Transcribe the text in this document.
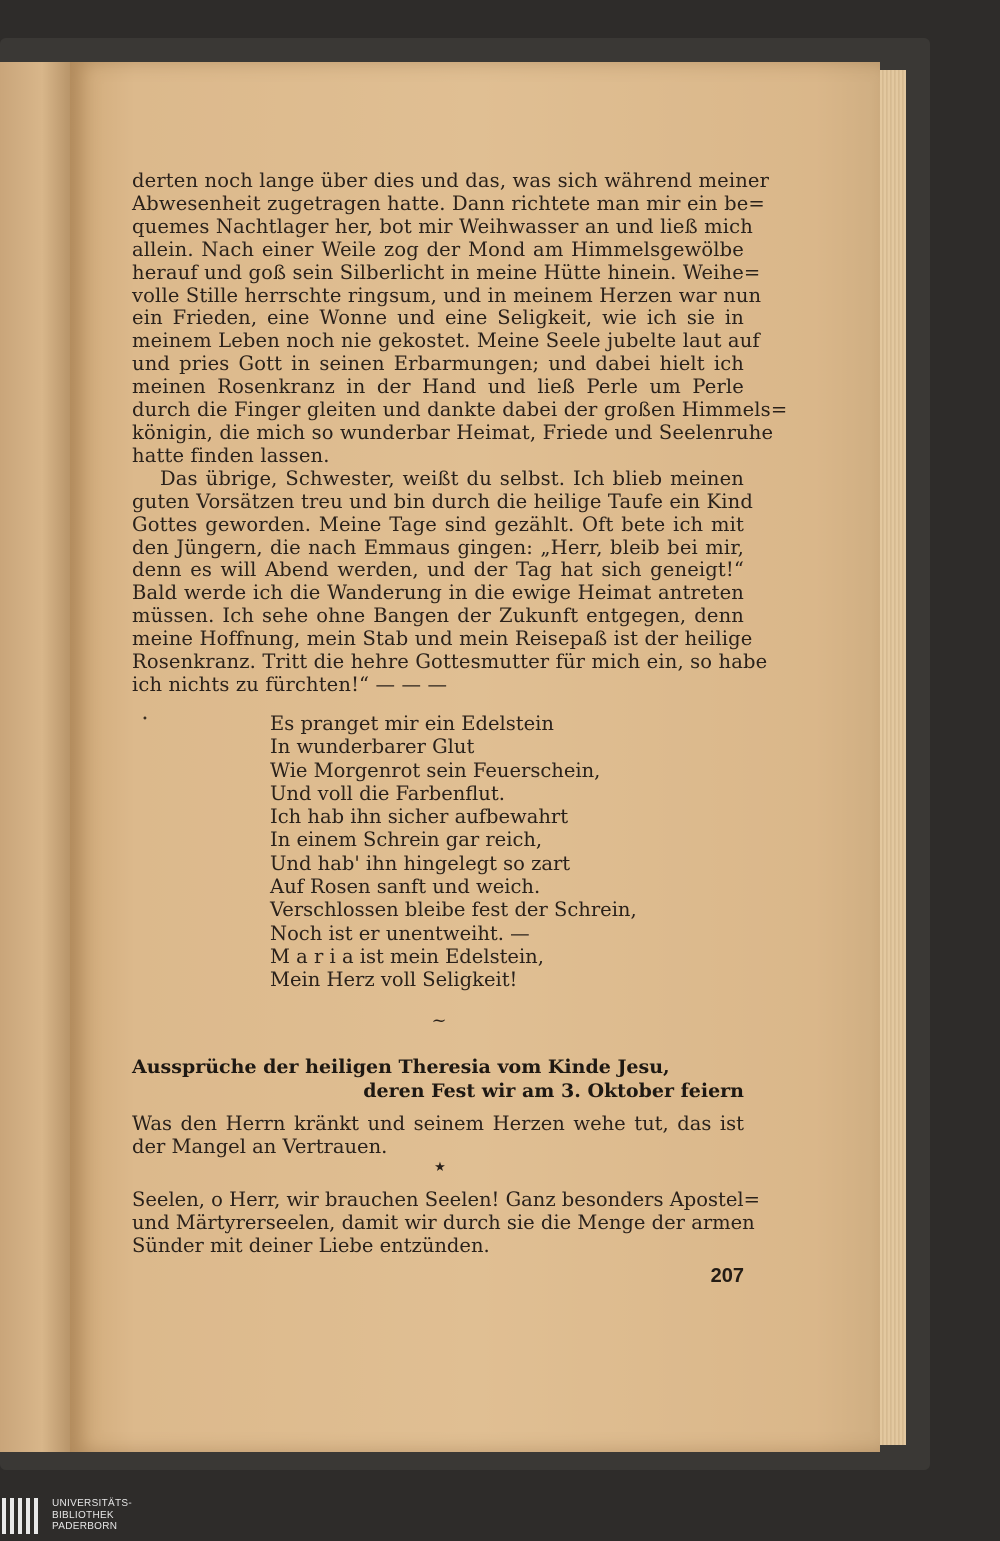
derten noch lange über dies und das, was sich während meiner
Abwesenheit zugetragen hatte. Dann richtete man mir ein be=
quemes Nachtlager her, bot mir Weihwasser an und ließ mich
allein. Nach einer Weile zog der Mond am Himmelsgewölbe
herauf und goß sein Silberlicht in meine Hütte hinein. Weihe=
volle Stille herrschte ringsum, und in meinem Herzen war nun
ein Frieden, eine Wonne und eine Seligkeit, wie ich sie in
meinem Leben noch nie gekostet. Meine Seele jubelte laut auf
und pries Gott in seinen Erbarmungen; und dabei hielt ich
meinen Rosenkranz in der Hand und ließ Perle um Perle
durch die Finger gleiten und dankte dabei der großen Himmels=
königin, die mich so wunderbar Heimat, Friede und Seelenruhe
hatte finden lassen.
Das übrige, Schwester, weißt du selbst. Ich blieb meinen
guten Vorsätzen treu und bin durch die heilige Taufe ein Kind
Gottes geworden. Meine Tage sind gezählt. Oft bete ich mit
den Jüngern, die nach Emmaus gingen: „Herr, bleib bei mir,
denn es will Abend werden, und der Tag hat sich geneigt!“
Bald werde ich die Wanderung in die ewige Heimat antreten
müssen. Ich sehe ohne Bangen der Zukunft entgegen, denn
meine Hoffnung, mein Stab und mein Reisepaß ist der heilige
Rosenkranz. Tritt die hehre Gottesmutter für mich ein, so habe
ich nichts zu fürchten!“ — — —
•	Es pranget mir ein Edelstein
In wunderbarer Glut
Wie Morgenrot sein Feuerschein,
Und voll die Farbenflut.
Ich hab ihn sicher aufbewahrt
In einem Schrein gar reich,
Und hab' ihn hingelegt so zart
Auf Rosen sanft und weich.
Verschlossen bleibe fest der Schrein,
Noch ist er unentweiht. —
M a r i a ist mein Edelstein,
Mein Herz voll Seligkeit!
~
Aussprüche der heiligen Theresia vom Kinde Jesu,
deren Fest wir am 3. Oktober feiern
Was den Herrn kränkt und seinem Herzen wehe tut, das ist
der Mangel an Vertrauen.
★
Seelen, o Herr, wir brauchen Seelen! Ganz besonders Apostel=
und Märtyrerseelen, damit wir durch sie die Menge der armen
Sünder mit deiner Liebe entzünden.
207
UNIVERSITÄTS-
BIBLIOTHEK
PADERBORN
